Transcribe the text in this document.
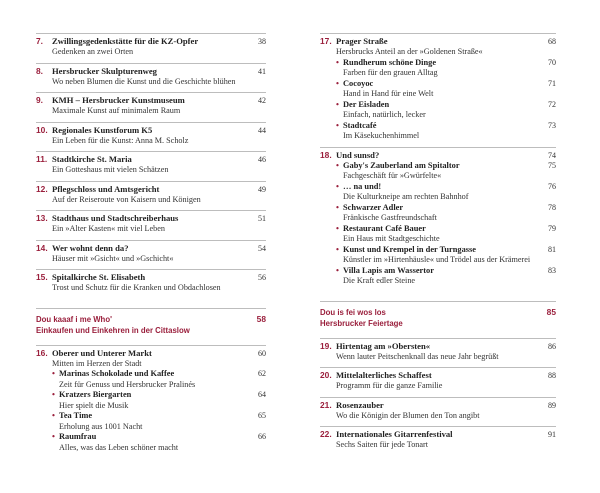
7.	Zwillingsgedenkstätte für die KZ-Opfer	38
Gedenken an zwei Orten
8.	Hersbrucker Skulpturenweg	41
Wo neben Blumen die Kunst und die Geschichte blühen
9.	KMH – Hersbrucker Kunstmuseum	42
Maximale Kunst auf minimalem Raum
10. Regionales Kunstforum K5	44
Ein Leben für die Kunst: Anna M. Scholz
11. Stadtkirche St. Maria	46
Ein Gotteshaus mit vielen Schätzen
12. Pflegschloss und Amtsgericht	49
Auf der Reiseroute von Kaisern und Königen
13. Stadthaus und Stadtschreiberhaus	51
Ein »Alter Kasten« mit viel Leben
14. Wer wohnt denn da?	54
Häuser mit »Gsicht« und »Gschicht«
15. Spitalkirche St. Elisabeth	56
Trost und Schutz für die Kranken und Obdachlosen
Dou kaaaf i me Who'	58
Einkaufen und Einkehren in der Cittaslow
16. Oberer und Unterer Markt	60
Mitten im Herzen der Stadt
• Marinas Schokolade und Kaffee	62
Zeit für Genuss und Hersbrucker Pralinés
• Kratzers Biergarten	64
Hier spielt die Musik
• Tea Time	65
Erholung aus 1001 Nacht
• Raumfrau	66
Alles, was das Leben schöner macht
17. Prager Straße	68
Hersbrucks Anteil an der »Goldenen Straße«
• Rundherum schöne Dinge	70
Farben für den grauen Alltag
• Cocoyoc	71
Hand in Hand für eine Welt
• Der Eisladen	72
Einfach, natürlich, lecker
• Stadtcafé	73
Im Käsekuchenhimmel
18. Und sunsd?	74
• Gaby's Zauberland am Spitaltor	75
Fachgeschäft für »Gwürfelte«
• … na und!	76
Die Kulturkneipe am rechten Bahnhof
• Schwarzer Adler	78
Fränkische Gastfreundschaft
• Restaurant Café Bauer	79
Ein Haus mit Stadtgeschichte
• Kunst und Krempel in der Turngasse	81
Künstler im »Hirtenhäusle« und Trödel aus der Krämerei
• Villa Lapis am Wassertor	83
Die Kraft edler Steine
Dou is fei wos los	85
Hersbrucker Feiertage
19. Hirtentag am »Obersten«	86
Wenn lauter Peitschenknall das neue Jahr begrüßt
20. Mittelalterliches Schaffest	88
Programm für die ganze Familie
21. Rosenzauber	89
Wo die Königin der Blumen den Ton angibt
22. Internationales Gitarrenfestival	91
Sechs Saiten für jede Tonart
